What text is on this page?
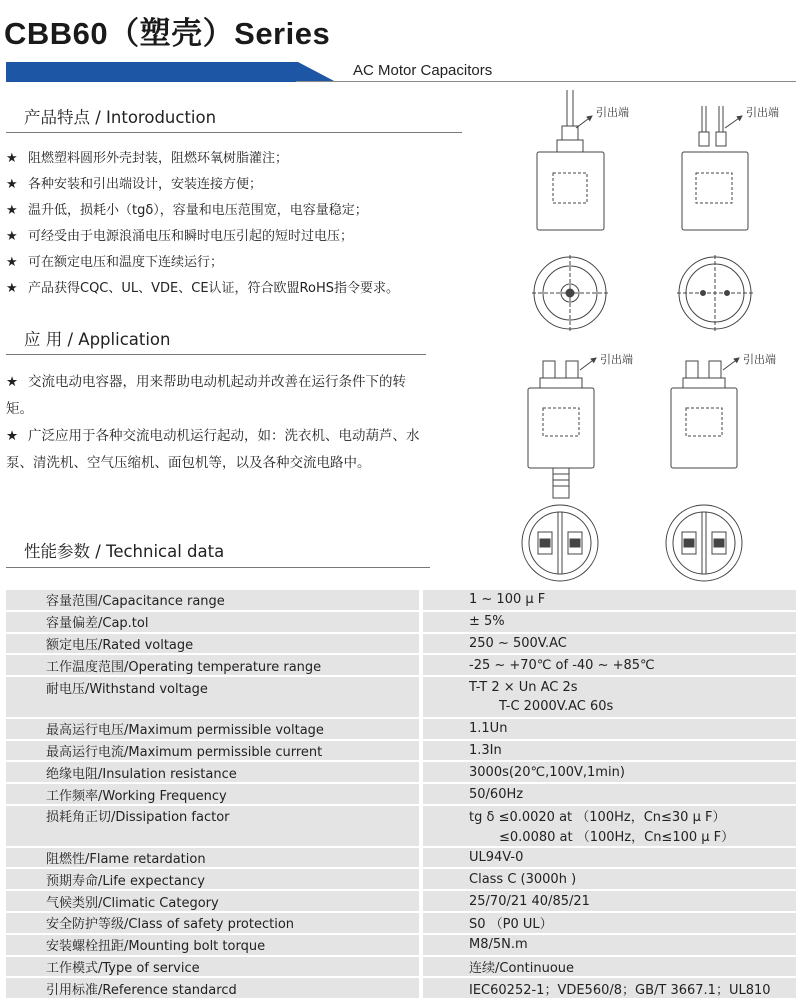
CBB60（塑壳）Series
AC Motor Capacitors
产品特点 / Intoroduction
★ 阻燃塑料圆形外壳封装，阻燃环氧树脂灌注；
★ 各种安装和引出端设计，安装连接方便；
★ 温升低，损耗小（tgδ），容量和电压范围宽，电容量稳定；
★ 可经受由于电源浪涌电压和瞬时电压引起的短时过电压；
★ 可在额定电压和温度下连续运行；
★ 产品获得CQC、UL、VDE、CE认证，符合欧盟RoHS指令要求。
应 用 / Application
★ 交流电动电容器，用来帮助电动机起动并改善在运行条件下的转矩。
★ 广泛应用于各种交流电动机运行起动，如：洗衣机、电动葫芦、水泵、清洗机、空气压缩机、面包机等，以及各种交流电路中。
性能参数 / Technical data
容量范围/Capacitance range		1 ~ 100 μ F
容量偏差/Cap.tol		± 5%
额定电压/Rated voltage		250 ~ 500V.AC
工作温度范围/Operating temperature range		-25 ~ +70℃ of -40 ~ +85℃
耐电压/Withstand voltage		T-T 2 × Un AC 2s
		T-C 2000V.AC 60s
最高运行电压/Maximum permissible voltage		1.1Un
最高运行电流/Maximum permissible current		1.3In
绝缘电阻/Insulation resistance		3000s(20℃,100V,1min)
工作频率/Working Frequency		50/60Hz
损耗角正切/Dissipation factor		tg δ ≤0.0020 at （100Hz，Cn≤30 μ F）
		≤0.0080 at （100Hz，Cn≤100 μ F）
阻燃性/Flame retardation		UL94V-0
预期寿命/Life expectancy		Class C (3000h )
气候类别/Climatic Category		25/70/21 40/85/21
安全防护等级/Class of safety protection		S0 （P0 UL）
安装螺栓扭距/Mounting bolt torque		M8/5N.m
工作模式/Type of service		连续/Continuoue
引用标准/Reference standarcd		IEC60252-1；VDE560/8；GB/T 3667.1；UL810
引出端	引出端
引出端	引出端
